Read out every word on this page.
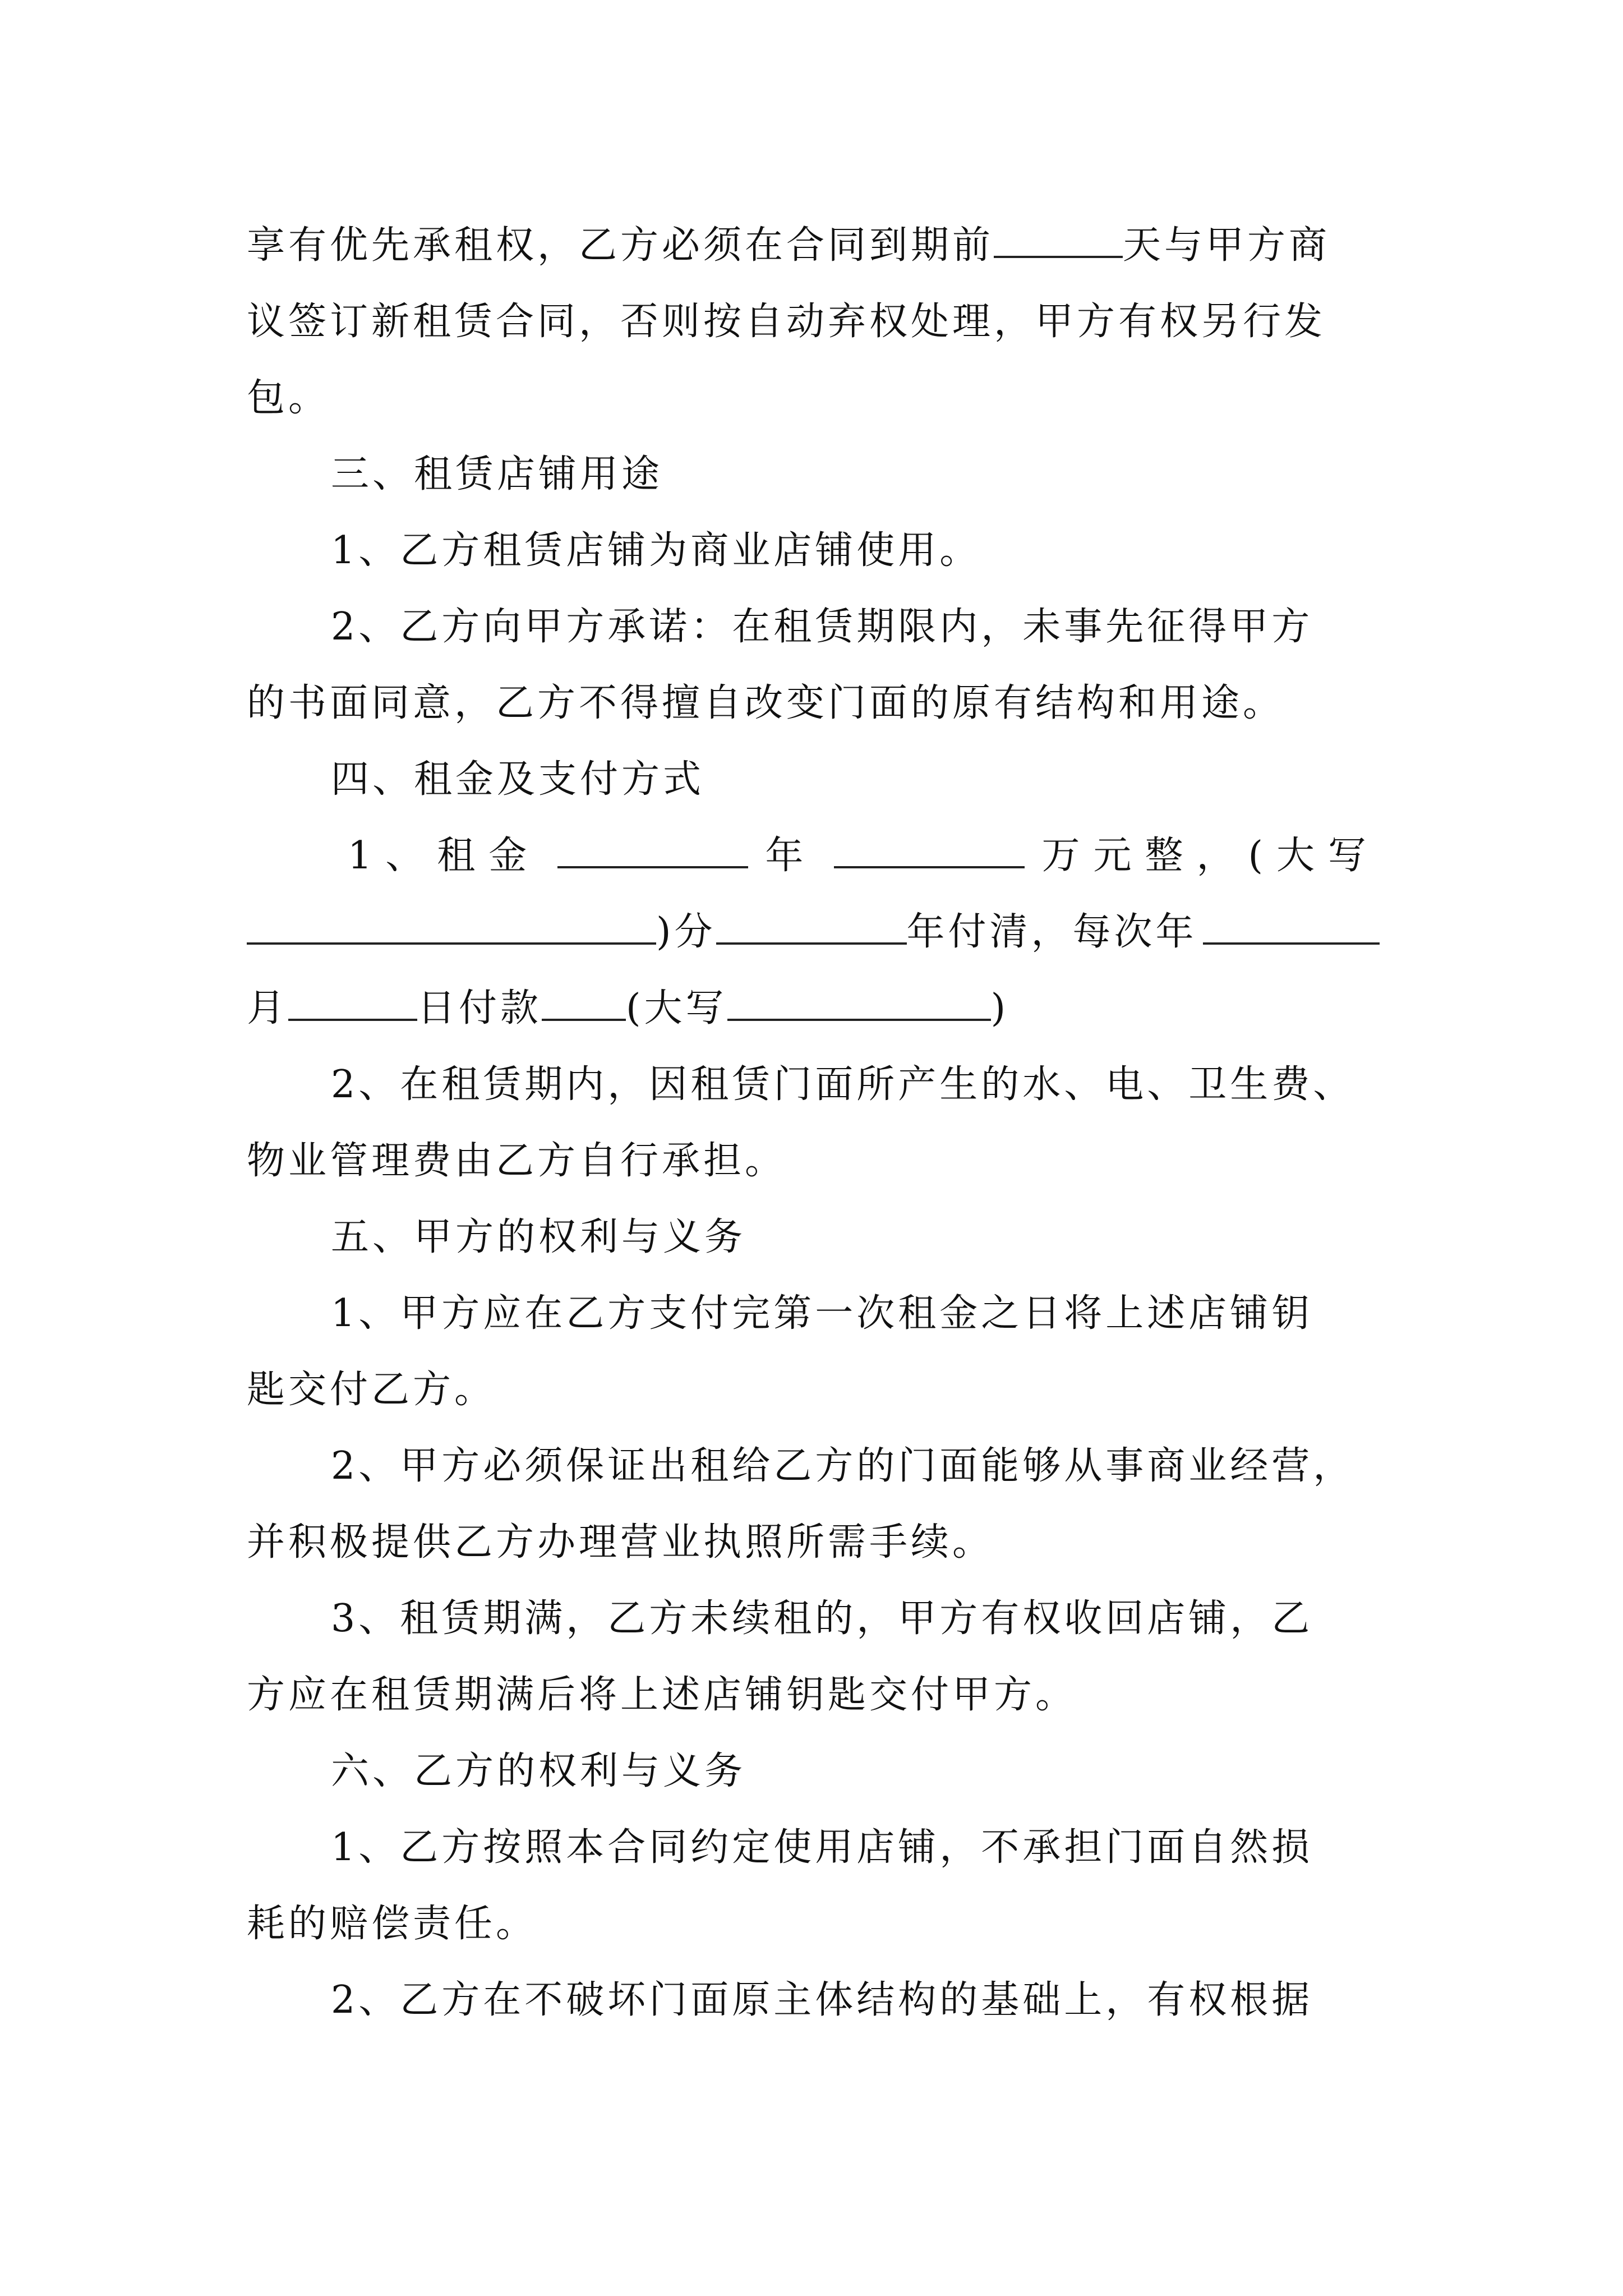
享有优先承租权，乙方必须在合同到期前	天与甲方商
议签订新租赁合同，否则按自动弃权处理，甲方有权另行发
包。
三、租赁店铺用途
1、乙方租赁店铺为商业店铺使用。
2、乙方向甲方承诺：在租赁期限内，未事先征得甲方
的书面同意，乙方不得擅自改变门面的原有结构和用途。
四、租金及支付方式
1、租金	年	万元整，(大写
)分	年付清，每次年
月	日付款 (大写	)
2、在租赁期内，因租赁门面所产生的水、电、卫生费、
物业管理费由乙方自行承担。
五、甲方的权利与义务
1、甲方应在乙方支付完第一次租金之日将上述店铺钥
匙交付乙方。
2、甲方必须保证出租给乙方的门面能够从事商业经营，
并积极提供乙方办理营业执照所需手续。
3、租赁期满，乙方未续租的，甲方有权收回店铺，乙
方应在租赁期满后将上述店铺钥匙交付甲方。
六、乙方的权利与义务
1、乙方按照本合同约定使用店铺，不承担门面自然损
耗的赔偿责任。
2、乙方在不破坏门面原主体结构的基础上，有权根据
